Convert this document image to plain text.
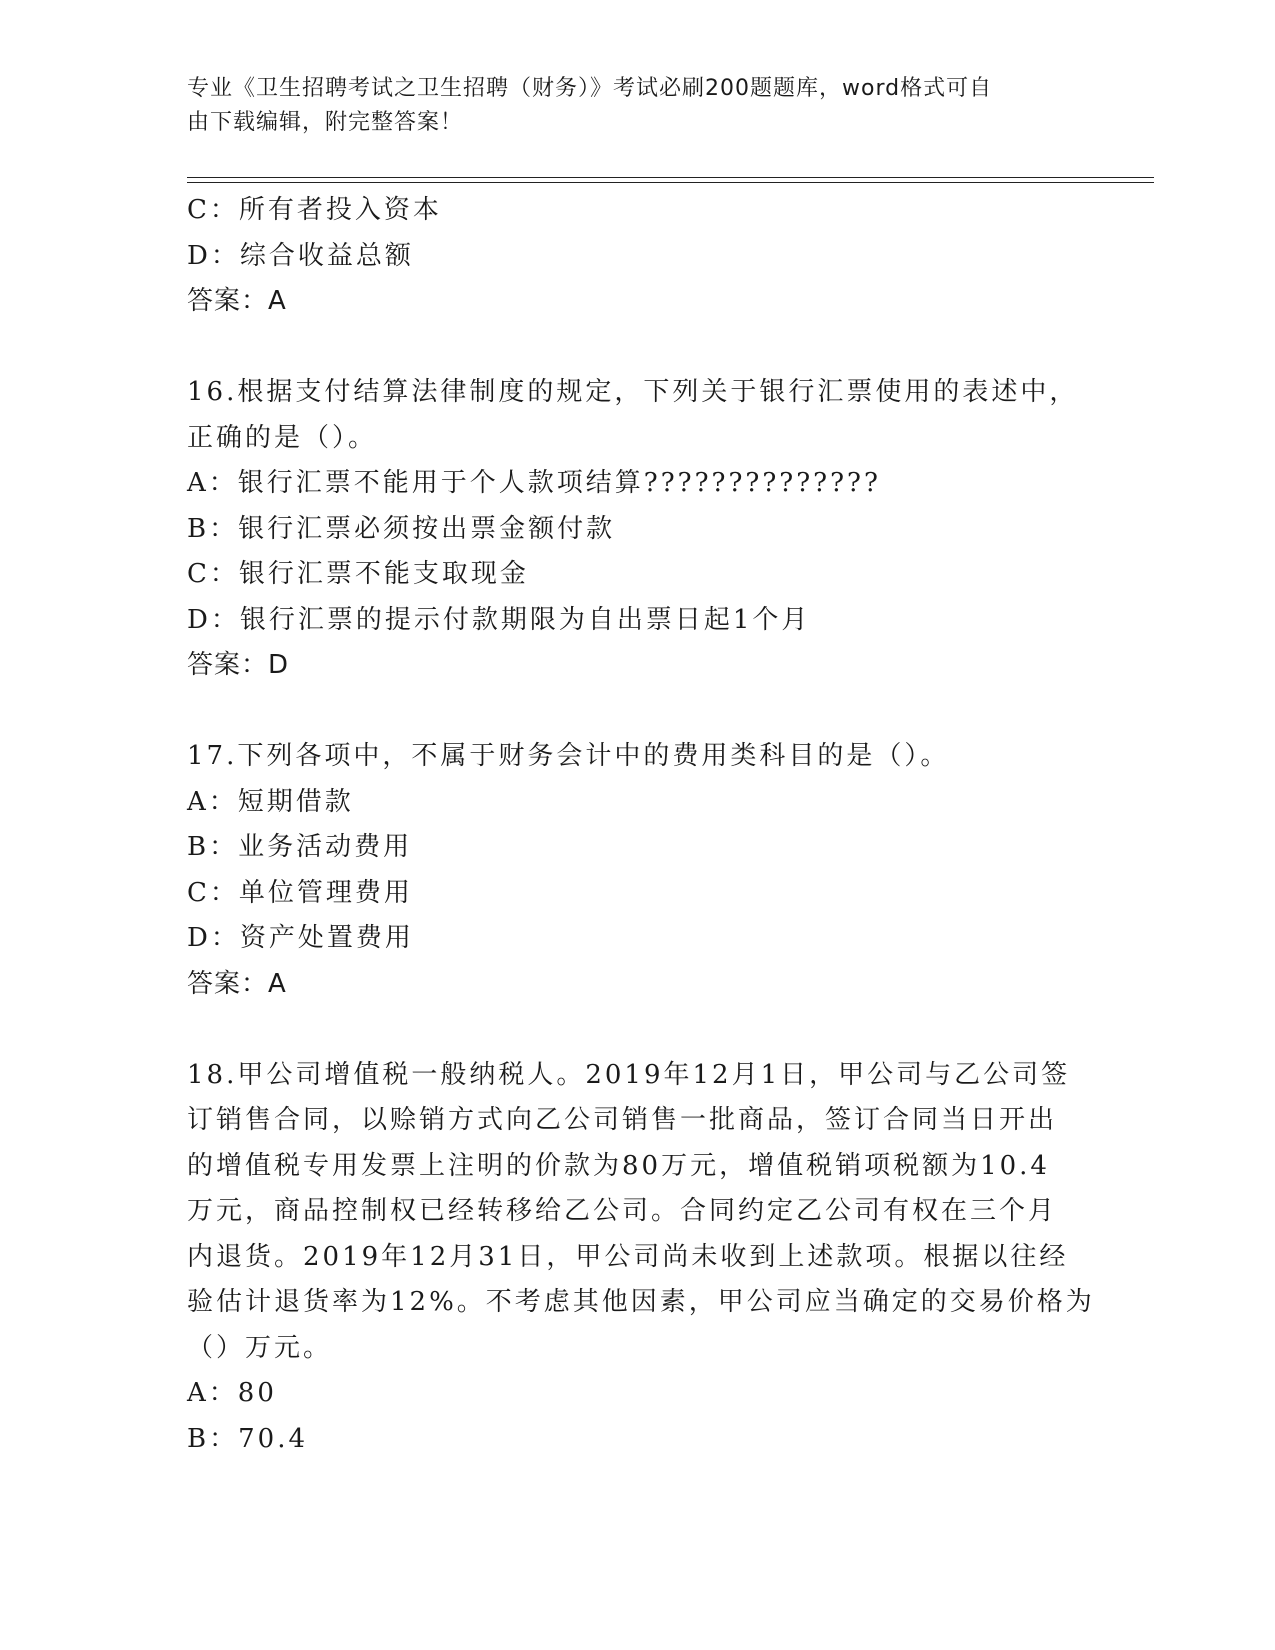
专业《卫生招聘考试之卫生招聘（财务）》考试必刷200题题库，word格式可自
由下载编辑，附完整答案！
C：所有者投入资本
D：综合收益总额
答案：A
16.根据支付结算法律制度的规定，下列关于银行汇票使用的表述中，
正确的是（）。
A：银行汇票不能用于个人款项结算??????????????
B：银行汇票必须按出票金额付款
C：银行汇票不能支取现金
D：银行汇票的提示付款期限为自出票日起1个月
答案：D
17.下列各项中，不属于财务会计中的费用类科目的是（）。
A：短期借款
B：业务活动费用
C：单位管理费用
D：资产处置费用
答案：A
18.甲公司增值税一般纳税人。2019年12月1日，甲公司与乙公司签
订销售合同，以赊销方式向乙公司销售一批商品，签订合同当日开出
的增值税专用发票上注明的价款为80万元，增值税销项税额为10.4
万元，商品控制权已经转移给乙公司。合同约定乙公司有权在三个月
内退货。2019年12月31日，甲公司尚未收到上述款项。根据以往经
验估计退货率为12%。不考虑其他因素，甲公司应当确定的交易价格为
（）万元。
A：80
B：70.4
